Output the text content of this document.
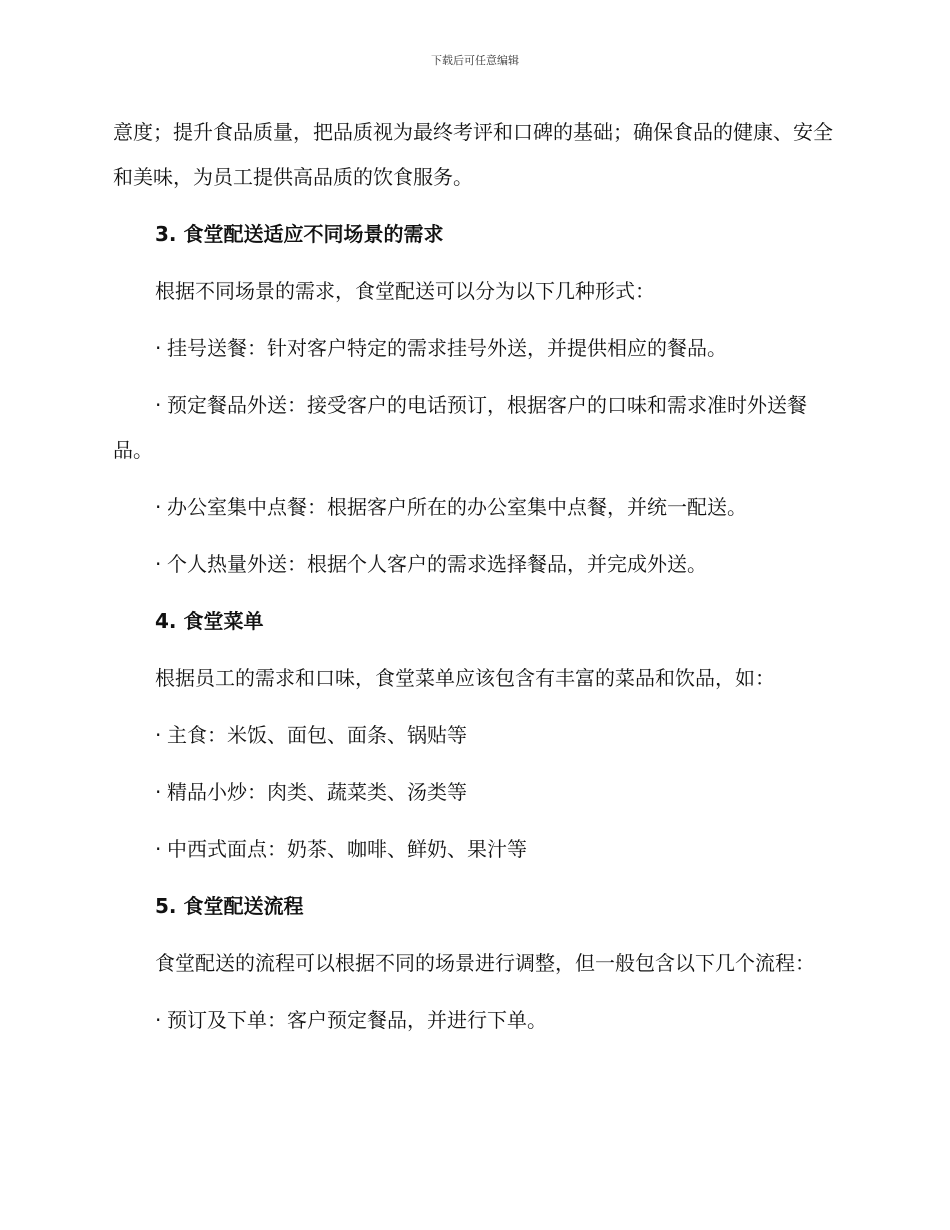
下载后可任意编辑

意度；提升食品质量，把品质视为最终考评和口碑的基础；确保食品的健康、安全和美味，为员工提供高品质的饮食服务。

3. 食堂配送适应不同场景的需求

根据不同场景的需求，食堂配送可以分为以下几种形式：

· 挂号送餐：针对客户特定的需求挂号外送，并提供相应的餐品。

· 预定餐品外送：接受客户的电话预订，根据客户的口味和需求准时外送餐品。

· 办公室集中点餐：根据客户所在的办公室集中点餐，并统一配送。

· 个人热量外送：根据个人客户的需求选择餐品，并完成外送。

4. 食堂菜单

根据员工的需求和口味，食堂菜单应该包含有丰富的菜品和饮品，如：

· 主食：米饭、面包、面条、锅贴等

· 精品小炒：肉类、蔬菜类、汤类等

· 中西式面点：奶茶、咖啡、鲜奶、果汁等

5. 食堂配送流程

食堂配送的流程可以根据不同的场景进行调整，但一般包含以下几个流程：

· 预订及下单：客户预定餐品，并进行下单。
